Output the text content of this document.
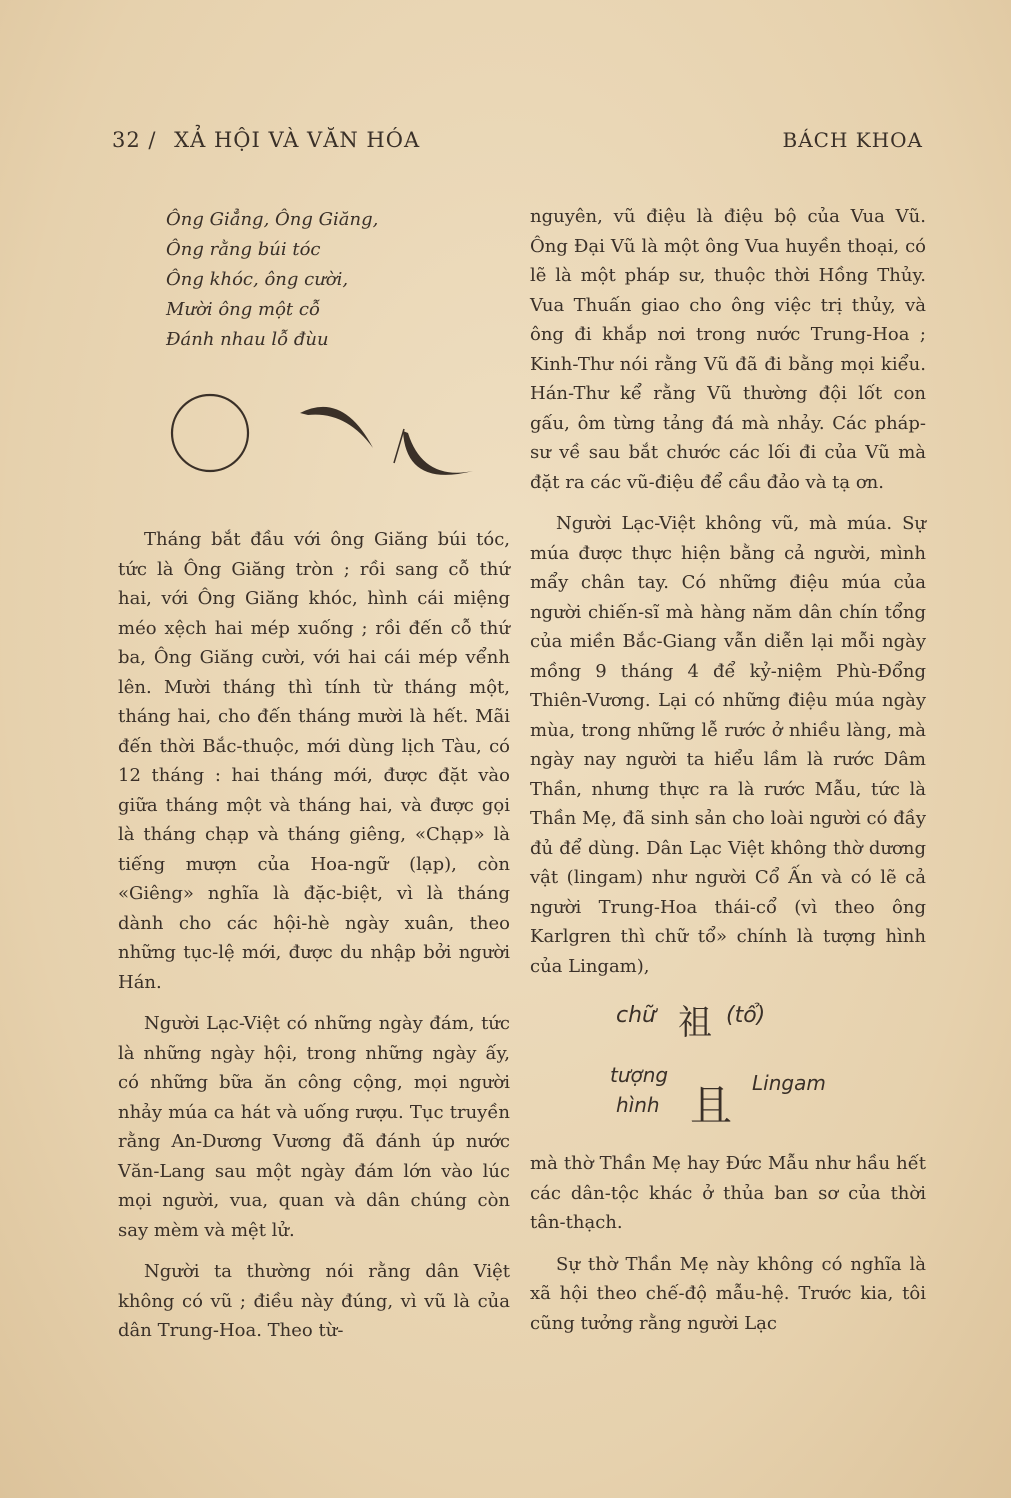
32 / XẢ HỘI VÀ VĂN HÓA	BÁCH KHOA
Ông Giẳng, Ông Giăng,
Ông rằng búi tóc
Ông khóc, ông cười,
Mười ông một cỗ
Đánh nhau lỗ đùu

Tháng bắt đầu với ông Giăng búi tóc, tức là Ông Giăng tròn ; rồi sang cỗ thứ hai, với Ông Giăng khóc, hình cái miệng méo xệch hai mép xuống ; rồi đến cỗ thứ ba, Ông Giăng cười, với hai cái mép vểnh lên. Mười tháng thì tính từ tháng một, tháng hai, cho đến tháng mười là hết. Mãi đến thời Bắc-thuộc, mới dùng lịch Tàu, có 12 tháng : hai tháng mới, được đặt vào giữa tháng một và tháng hai, và được gọi là tháng chạp và tháng giêng, «Chạp» là tiếng mượn của Hoa-ngữ (lạp), còn «Giêng» nghĩa là đặc-biệt, vì là tháng dành cho các hội-hè ngày xuân, theo những tục-lệ mới, được du nhập bởi người Hán.

Người Lạc-Việt có những ngày đám, tức là những ngày hội, trong những ngày ấy, có những bữa ăn công cộng, mọi người nhảy múa ca hát và uống rượu. Tục truyền rằng An-Dương Vương đã đánh úp nước Văn-Lang sau một ngày đám lớn vào lúc mọi người, vua, quan và dân chúng còn say mèm và mệt lử.

Người ta thường nói rằng dân Việt không có vũ ; điều này đúng, vì vũ là của dân Trung-Hoa. Theo từ-

nguyên, vũ điệu là điệu bộ của Vua Vũ. Ông Đại Vũ là một ông Vua huyền thoại, có lẽ là một pháp sư, thuộc thời Hồng Thủy. Vua Thuấn giao cho ông việc trị thủy, và ông đi khắp nơi trong nước Trung-Hoa ; Kinh-Thư nói rằng Vũ đã đi bằng mọi kiểu. Hán-Thư kể rằng Vũ thường đội lốt con gấu, ôm từng tảng đá mà nhảy. Các pháp-sư về sau bắt chước các lối đi của Vũ mà đặt ra các vũ-điệu để cầu đảo và tạ ơn.

Người Lạc-Việt không vũ, mà múa. Sự múa được thực hiện bằng cả người, mình mẩy chân tay. Có những điệu múa của người chiến-sĩ mà hàng năm dân chín tổng của miền Bắc-Giang vẫn diễn lại mỗi ngày mồng 9 tháng 4 để kỷ-niệm Phù-Đổng Thiên-Vương. Lại có những điệu múa ngày mùa, trong những lễ rước ở nhiều làng, mà ngày nay người ta hiểu lầm là rước Dâm Thần, nhưng thực ra là rước Mẫu, tức là Thần Mẹ, đã sinh sản cho loài người có đầy đủ để dùng. Dân Lạc Việt không thờ dương vật (lingam) như người Cổ Ấn và có lẽ cả người Trung-Hoa thái-cổ (vì theo ông Karlgren thì chữ tổ» chính là tượng hình của Lingam),

chữ 祖 (tổ)
tượng
hình 且 Lingam

mà thờ Thần Mẹ hay Đức Mẫu như hầu hết các dân-tộc khác ở thủa ban sơ của thời tân-thạch.

Sự thờ Thần Mẹ này không có nghĩa là xã hội theo chế-độ mẫu-hệ. Trước kia, tôi cũng tưởng rằng người Lạc
